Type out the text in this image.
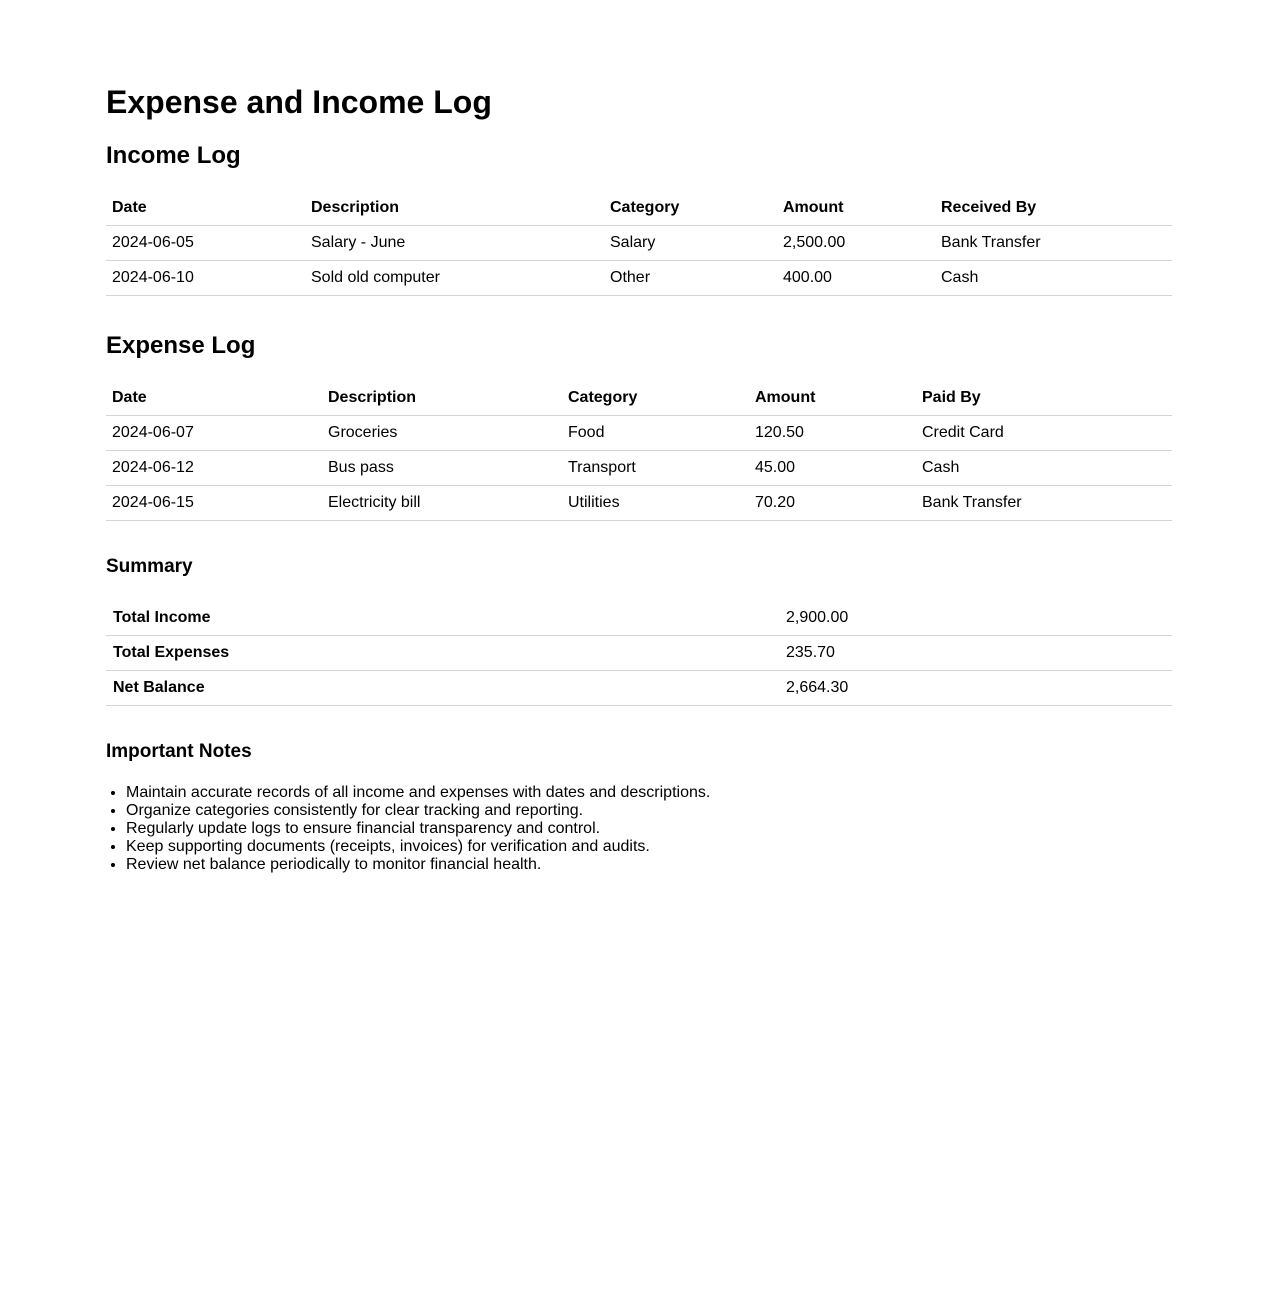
Expense and Income Log
Income Log
Date	Description	Category	Amount	Received By
2024-06-05	Salary - June	Salary	2,500.00	Bank Transfer
2024-06-10	Sold old computer	Other	400.00	Cash
Expense Log
Date	Description	Category	Amount	Paid By
2024-06-07	Groceries	Food	120.50	Credit Card
2024-06-12	Bus pass	Transport	45.00	Cash
2024-06-15	Electricity bill	Utilities	70.20	Bank Transfer
Summary
Total Income	2,900.00
Total Expenses	235.70
Net Balance	2,664.30
Important Notes
• Maintain accurate records of all income and expenses with dates and descriptions.
• Organize categories consistently for clear tracking and reporting.
• Regularly update logs to ensure financial transparency and control.
• Keep supporting documents (receipts, invoices) for verification and audits.
• Review net balance periodically to monitor financial health.
